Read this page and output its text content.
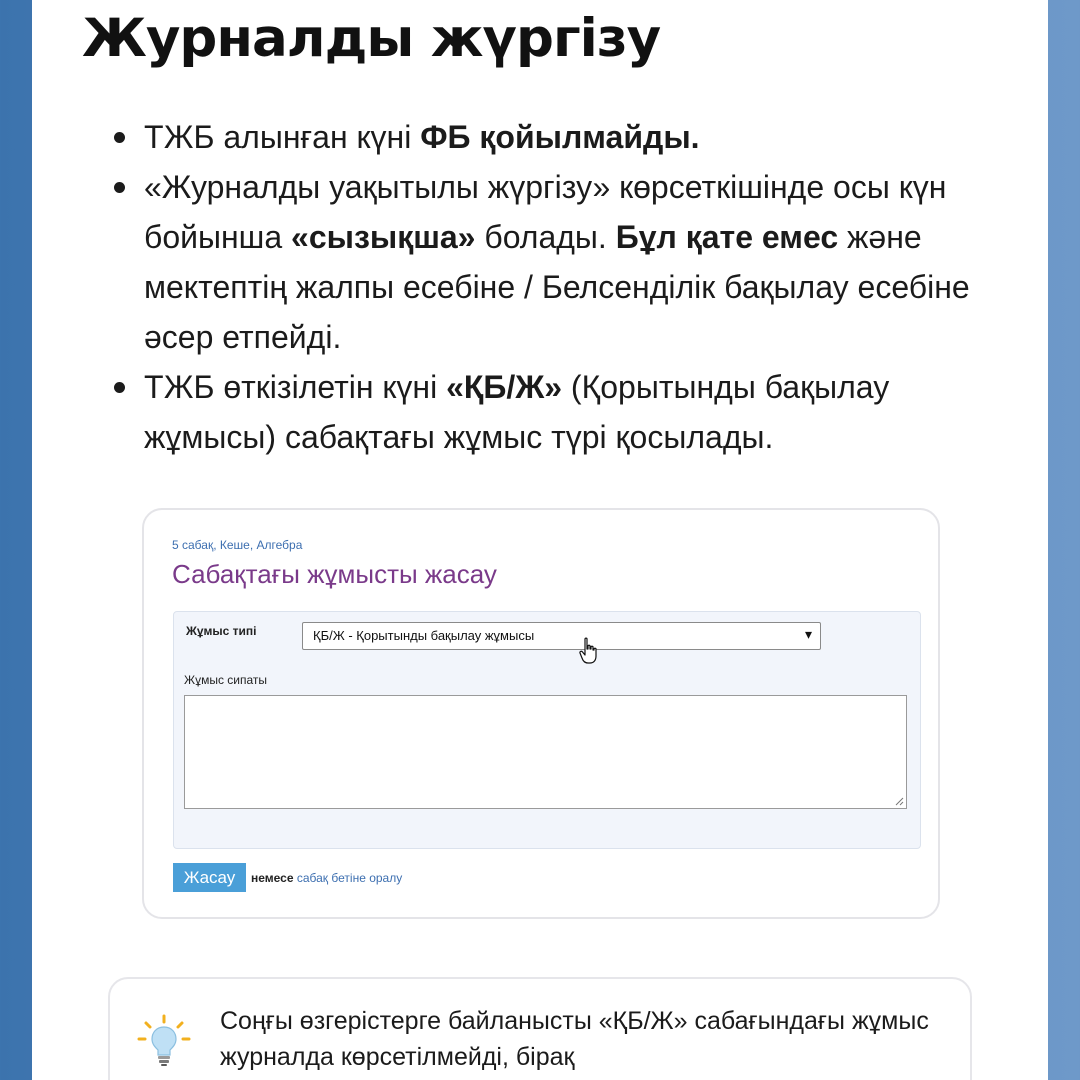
Журналды жүргізу
ТЖБ алынған күні ФБ қойылмайды.
«Журналды уақытылы жүргізу» көрсеткішінде осы күн бойынша «сызықша» болады. Бұл қате емес және мектептің жалпы есебіне / Белсенділік бақылау есебіне әсер етпейді.
ТЖБ өткізілетін күні «ҚБ/Ж» (Қорытынды бақылау жұмысы) сабақтағы жұмыс түрі қосылады.
5 сабақ, Кеше, Алгебра
Сабақтағы жұмысты жасау
Жұмыс типі	ҚБ/Ж - Қорытынды бақылау жұмысы	▾
Жұмыс сипаты
Жасау	немесе сабақ бетіне оралу
Соңғы өзгерістерге байланысты «ҚБ/Ж» сабағындағы жұмыс журналда көрсетілмейді, бірақ
